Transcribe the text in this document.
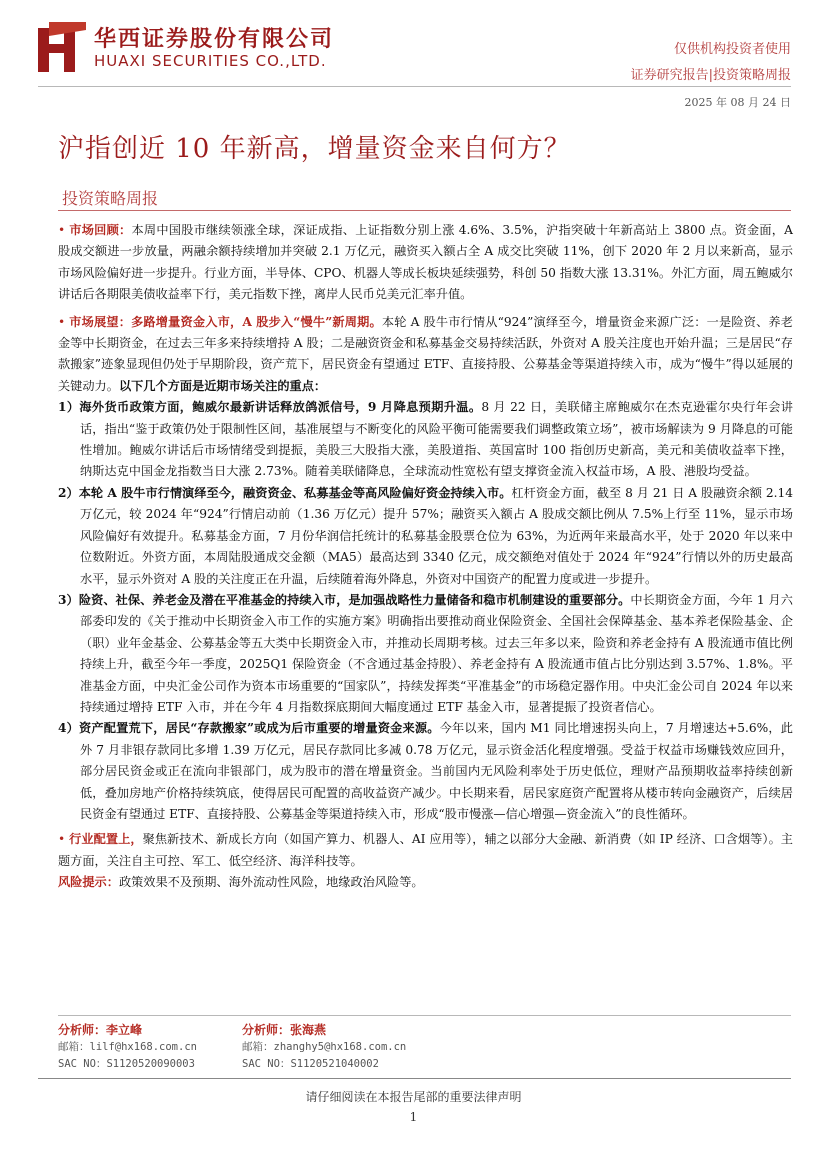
华西证券股份有限公司
HUAXI SECURITIES CO.,LTD.
仅供机构投资者使用
证券研究报告|投资策略周报
2025 年 08 月 24 日
沪指创近 10 年新高，增量资金来自何方？
投资策略周报

• 市场回顾：本周中国股市继续领涨全球，深证成指、上证指数分别上涨 4.6%、3.5%，沪指突破十年新高站上 3800 点。资金面，A 股成交额进一步放量，两融余额持续增加并突破 2.1 万亿元，融资买入额占全 A 成交比突破 11%，创下 2020 年 2 月以来新高，显示市场风险偏好进一步提升。行业方面，半导体、CPO、机器人等成长板块延续强势，科创 50 指数大涨 13.31%。外汇方面，周五鲍威尔讲话后各期限美债收益率下行，美元指数下挫，离岸人民币兑美元汇率升值。

• 市场展望：多路增量资金入市，A 股步入“慢牛”新周期。本轮 A 股牛市行情从“924”演绎至今，增量资金来源广泛：一是险资、养老金等中长期资金，在过去三年多来持续增持 A 股；二是融资资金和私募基金交易持续活跃，外资对 A 股关注度也开始升温；三是居民“存款搬家”迹象显现但仍处于早期阶段，资产荒下，居民资金有望通过 ETF、直接持股、公募基金等渠道持续入市，成为“慢牛”得以延展的关键动力。以下几个方面是近期市场关注的重点：

1）海外货币政策方面，鲍威尔最新讲话释放鸽派信号，9 月降息预期升温。8 月 22 日，美联储主席鲍威尔在杰克逊霍尔央行年会讲话，指出“鉴于政策仍处于限制性区间，基准展望与不断变化的风险平衡可能需要我们调整政策立场”，被市场解读为 9 月降息的可能性增加。鲍威尔讲话后市场情绪受到提振，美股三大股指大涨，美股道指、英国富时 100 指创历史新高，美元和美债收益率下挫，纳斯达克中国金龙指数当日大涨 2.73%。随着美联储降息，全球流动性宽松有望支撑资金流入权益市场，A 股、港股均受益。

2）本轮 A 股牛市行情演绎至今，融资资金、私募基金等高风险偏好资金持续入市。杠杆资金方面，截至 8 月 21 日 A 股融资余额 2.14 万亿元，较 2024 年“924”行情启动前（1.36 万亿元）提升 57%；融资买入额占 A 股成交额比例从 7.5%上行至 11%，显示市场风险偏好有效提升。私募基金方面，7 月份华润信托统计的私募基金股票仓位为 63%，为近两年来最高水平，处于 2020 年以来中位数附近。外资方面，本周陆股通成交金额（MA5）最高达到 3340 亿元，成交额绝对值处于 2024 年“924”行情以外的历史最高水平，显示外资对 A 股的关注度正在升温，后续随着海外降息，外资对中国资产的配置力度或进一步提升。

3）险资、社保、养老金及潜在平准基金的持续入市，是加强战略性力量储备和稳市机制建设的重要部分。中长期资金方面，今年 1 月六部委印发的《关于推动中长期资金入市工作的实施方案》明确指出要推动商业保险资金、全国社会保障基金、基本养老保险基金、企（职）业年金基金、公募基金等五大类中长期资金入市，并推动长周期考核。过去三年多以来，险资和养老金持有 A 股流通市值比例持续上升，截至今年一季度，2025Q1 保险资金（不含通过基金持股）、养老金持有 A 股流通市值占比分别达到 3.57%、1.8%。平准基金方面，中央汇金公司作为资本市场重要的“国家队”，持续发挥类“平准基金”的市场稳定器作用。中央汇金公司自 2024 年以来持续通过增持 ETF 入市，并在今年 4 月指数探底期间大幅度通过 ETF 基金入市，显著提振了投资者信心。

4）资产配置荒下，居民“存款搬家”或成为后市重要的增量资金来源。今年以来，国内 M1 同比增速拐头向上，7 月增速达+5.6%，此外 7 月非银存款同比多增 1.39 万亿元，居民存款同比多减 0.78 万亿元，显示资金活化程度增强。受益于权益市场赚钱效应回升，部分居民资金或正在流向非银部门，成为股市的潜在增量资金。当前国内无风险利率处于历史低位，理财产品预期收益率持续创新低，叠加房地产价格持续筑底，使得居民可配置的高收益资产减少。中长期来看，居民家庭资产配置将从楼市转向金融资产，后续居民资金有望通过 ETF、直接持股、公募基金等渠道持续入市，形成“股市慢涨—信心增强—资金流入”的良性循环。

• 行业配置上，聚焦新技术、新成长方向（如国产算力、机器人、AI 应用等），辅之以部分大金融、新消费（如 IP 经济、口含烟等）。主题方面，关注自主可控、军工、低空经济、海洋科技等。

风险提示：政策效果不及预期、海外流动性风险，地缘政治风险等。

分析师：李立峰
邮箱：lilf@hx168.com.cn
SAC NO：S1120520090003
分析师：张海燕
邮箱：zhanghy5@hx168.com.cn
SAC NO：S1120521040002
请仔细阅读在本报告尾部的重要法律声明
1
